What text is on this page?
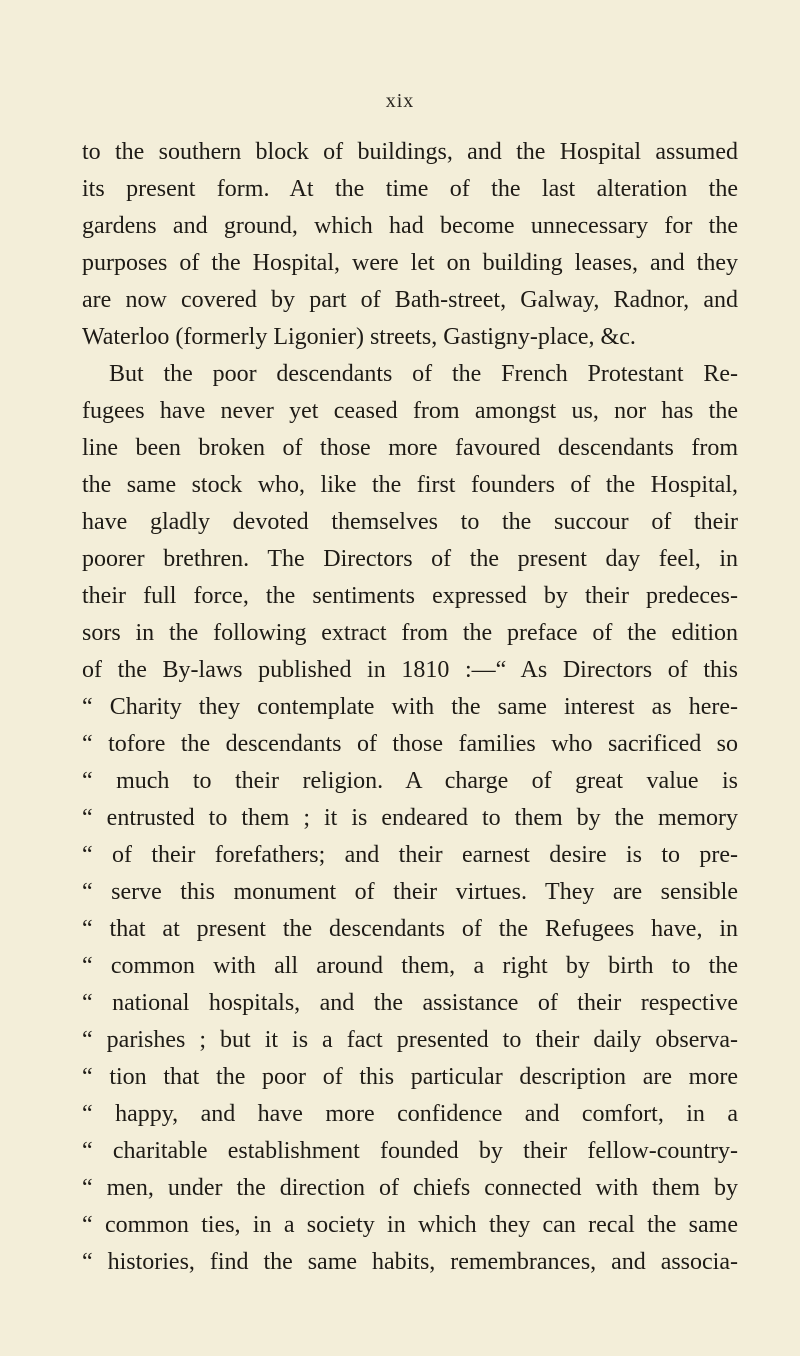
xix
to the southern block of buildings, and the Hospital assumed
its present form. At the time of the last alteration the
gardens and ground, which had become unnecessary for the
purposes of the Hospital, were let on building leases, and they
are now covered by part of Bath-street, Galway, Radnor, and
Waterloo (formerly Ligonier) streets, Gastigny-place, &c.
But the poor descendants of the French Protestant Re-
fugees have never yet ceased from amongst us, nor has the
line been broken of those more favoured descendants from
the same stock who, like the first founders of the Hospital,
have gladly devoted themselves to the succour of their
poorer brethren. The Directors of the present day feel, in
their full force, the sentiments expressed by their predeces-
sors in the following extract from the preface of the edition
of the By-laws published in 1810 :—“ As Directors of this
“ Charity they contemplate with the same interest as here-
“ tofore the descendants of those families who sacrificed so
“ much to their religion. A charge of great value is
“ entrusted to them ; it is endeared to them by the memory
“ of their forefathers; and their earnest desire is to pre-
“ serve this monument of their virtues. They are sensible
“ that at present the descendants of the Refugees have, in
“ common with all around them, a right by birth to the
“ national hospitals, and the assistance of their respective
“ parishes ; but it is a fact presented to their daily observa-
“ tion that the poor of this particular description are more
“ happy, and have more confidence and comfort, in a
“ charitable establishment founded by their fellow-country-
“ men, under the direction of chiefs connected with them by
“ common ties, in a society in which they can recal the same
“ histories, find the same habits, remembrances, and associa-
